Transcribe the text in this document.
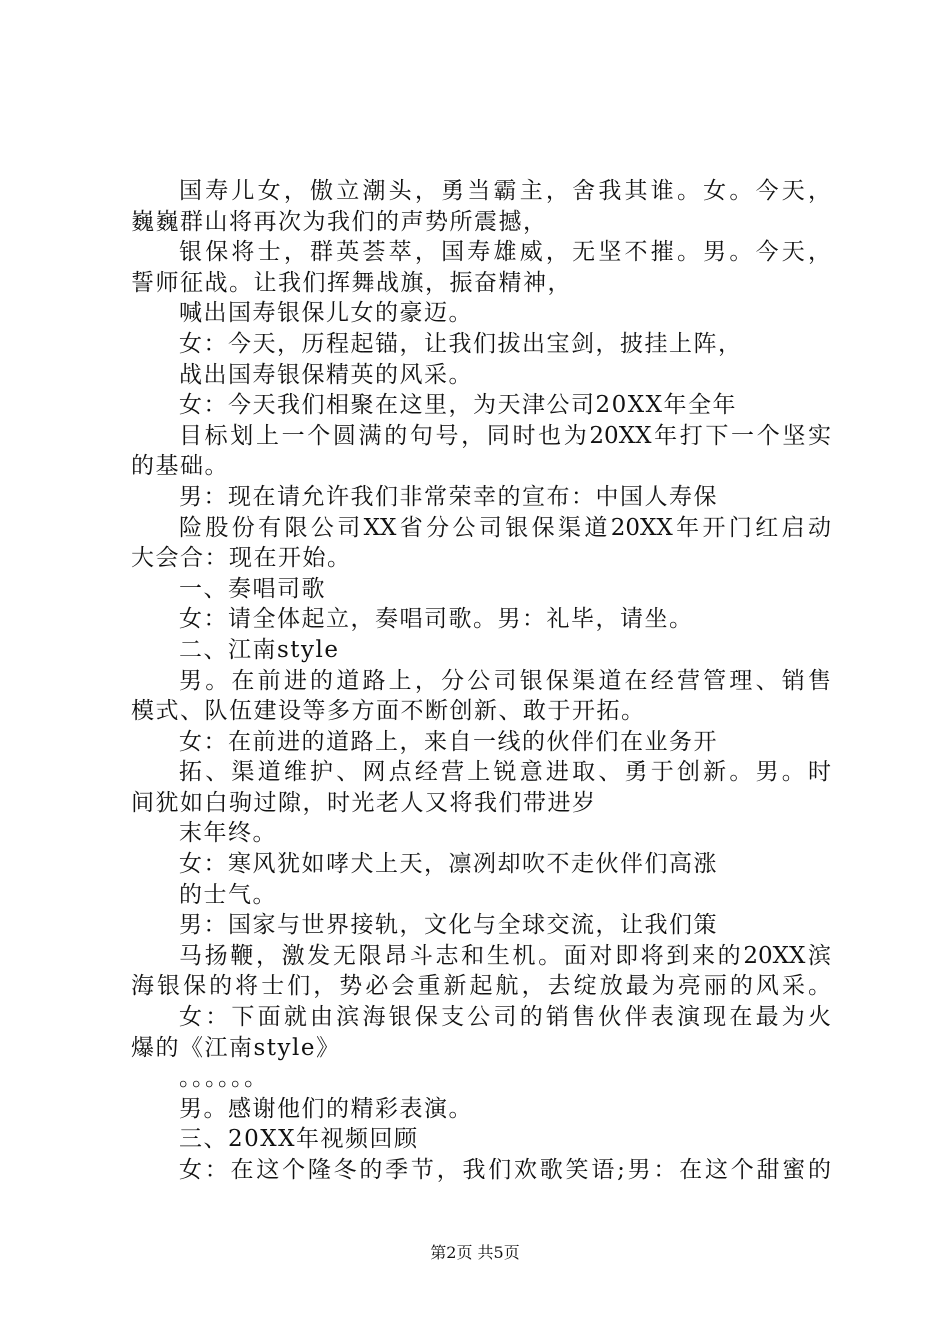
国寿儿女，傲立潮头，勇当霸主，舍我其谁。女。今天，
巍巍群山将再次为我们的声势所震撼，
银保将士，群英荟萃，国寿雄威，无坚不摧。男。今天，
誓师征战。让我们挥舞战旗，振奋精神，
喊出国寿银保儿女的豪迈。
女：今天，历程起锚，让我们拔出宝剑，披挂上阵，
战出国寿银保精英的风采。
女：今天我们相聚在这里，为天津公司20XX年全年
目标划上一个圆满的句号，同时也为20XX年打下一个坚实
的基础。
男：现在请允许我们非常荣幸的宣布：中国人寿保
险股份有限公司XX省分公司银保渠道20XX年开门红启动
大会合：现在开始。
一、奏唱司歌
女：请全体起立，奏唱司歌。男：礼毕，请坐。
二、江南style
男。在前进的道路上，分公司银保渠道在经营管理、销售
模式、队伍建设等多方面不断创新、敢于开拓。
女：在前进的道路上，来自一线的伙伴们在业务开
拓、渠道维护、网点经营上锐意进取、勇于创新。男。时
间犹如白驹过隙，时光老人又将我们带进岁
末年终。
女：寒风犹如哮犬上天，凛冽却吹不走伙伴们高涨
的士气。
男：国家与世界接轨，文化与全球交流，让我们策
马扬鞭，激发无限昂斗志和生机。面对即将到来的20XX滨
海银保的将士们，势必会重新起航，去绽放最为亮丽的风采。
女：下面就由滨海银保支公司的销售伙伴表演现在最为火
爆的《江南style》
。。。。。。
男。感谢他们的精彩表演。
三、20XX年视频回顾
女：在这个隆冬的季节，我们欢歌笑语;男：在这个甜蜜的
第2页 共5页
